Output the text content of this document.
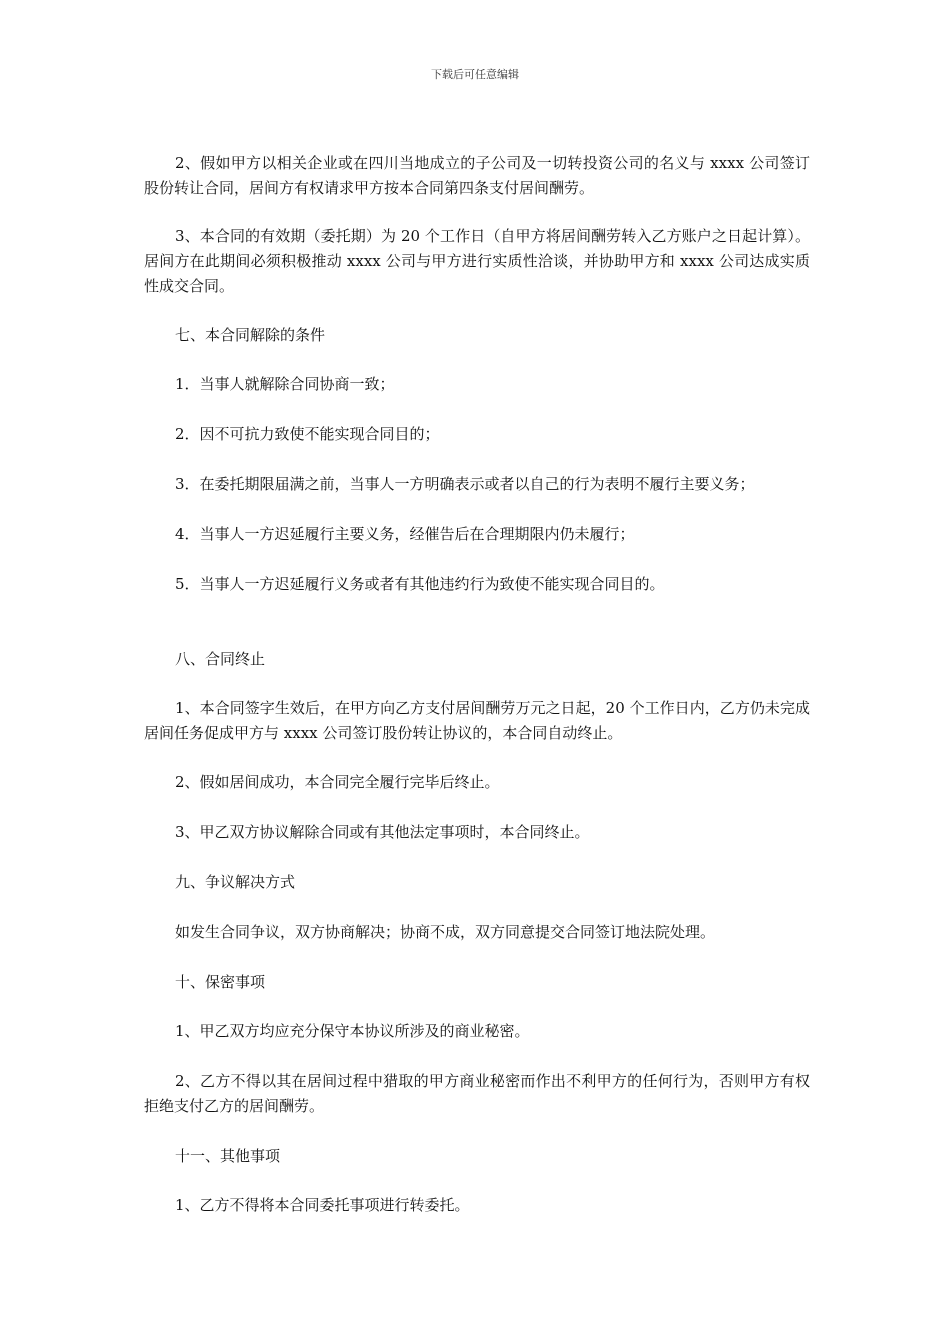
下载后可任意编辑

2、假如甲方以相关企业或在四川当地成立的子公司及一切转投资公司的名义与 xxxx 公司签订股份转让合同，居间方有权请求甲方按本合同第四条支付居间酬劳。

3、本合同的有效期（委托期）为 20 个工作日（自甲方将居间酬劳转入乙方账户之日起计算）。居间方在此期间必须积极推动 xxxx 公司与甲方进行实质性洽谈，并协助甲方和 xxxx 公司达成实质性成交合同。

七、本合同解除的条件

1．当事人就解除合同协商一致；

2．因不可抗力致使不能实现合同目的；

3．在委托期限届满之前，当事人一方明确表示或者以自己的行为表明不履行主要义务；

4．当事人一方迟延履行主要义务，经催告后在合理期限内仍未履行；

5．当事人一方迟延履行义务或者有其他违约行为致使不能实现合同目的。

八、合同终止

1、本合同签字生效后，在甲方向乙方支付居间酬劳万元之日起，20 个工作日内，乙方仍未完成居间任务促成甲方与 xxxx 公司签订股份转让协议的，本合同自动终止。

2、假如居间成功，本合同完全履行完毕后终止。

3、甲乙双方协议解除合同或有其他法定事项时，本合同终止。

九、争议解决方式

如发生合同争议，双方协商解决；协商不成，双方同意提交合同签订地法院处理。

十、保密事项

1、甲乙双方均应充分保守本协议所涉及的商业秘密。

2、乙方不得以其在居间过程中猎取的甲方商业秘密而作出不利甲方的任何行为，否则甲方有权拒绝支付乙方的居间酬劳。

十一、其他事项

1、乙方不得将本合同委托事项进行转委托。
